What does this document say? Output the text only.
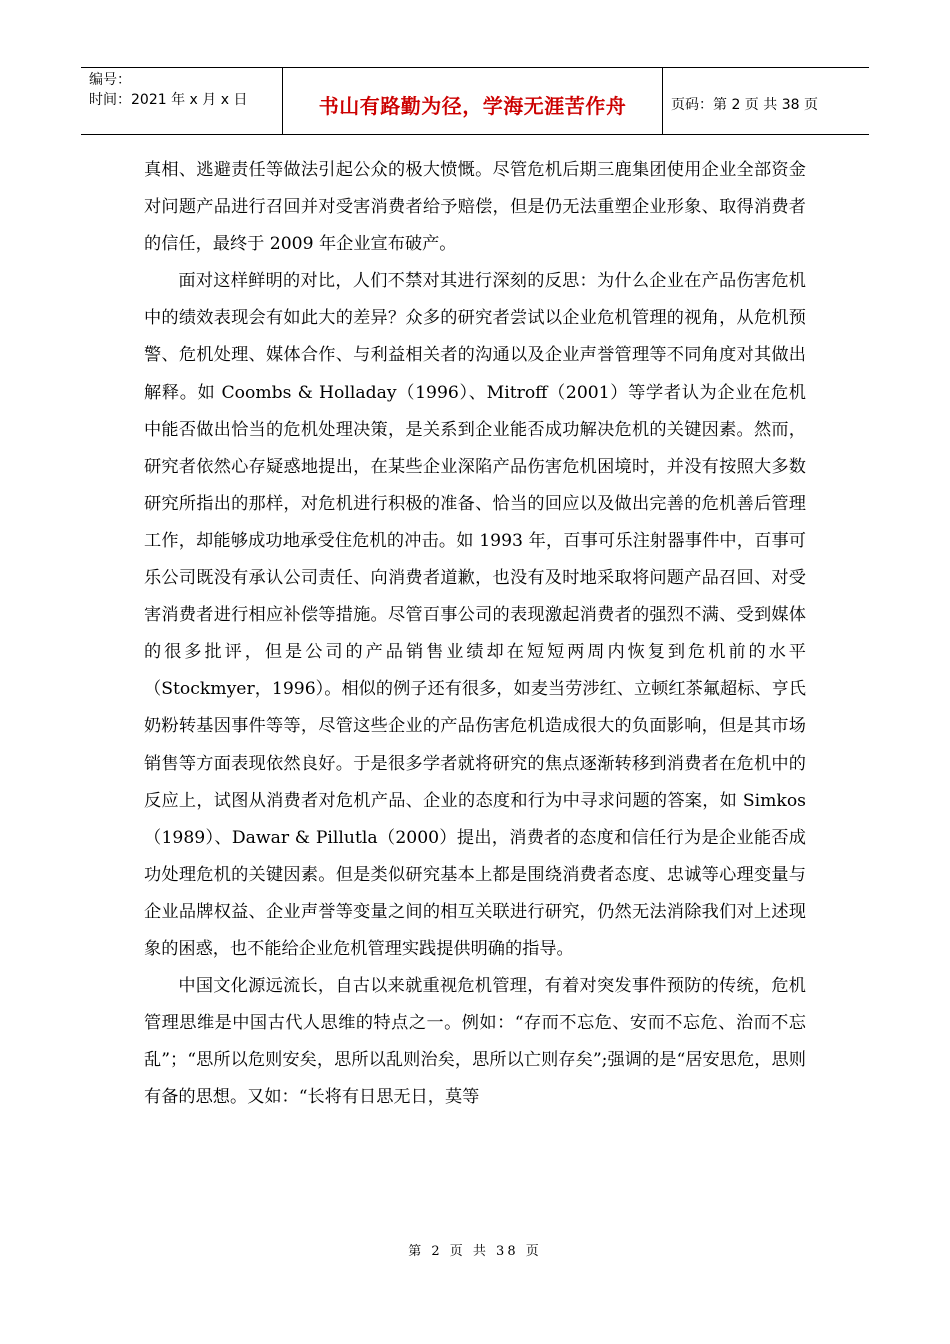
编号：
时间：2021 年 x 月 x 日	书山有路勤为径，学海无涯苦作舟	页码：第 2 页 共 38 页

真相、逃避责任等做法引起公众的极大愤慨。尽管危机后期三鹿集团使用企业全部资金对问题产品进行召回并对受害消费者给予赔偿，但是仍无法重塑企业形象、取得消费者的信任，最终于 2009 年企业宣布破产。

面对这样鲜明的对比，人们不禁对其进行深刻的反思：为什么企业在产品伤害危机中的绩效表现会有如此大的差异？众多的研究者尝试以企业危机管理的视角，从危机预警、危机处理、媒体合作、与利益相关者的沟通以及企业声誉管理等不同角度对其做出解释。如 Coombs & Holladay（1996）、Mitroff（2001）等学者认为企业在危机中能否做出恰当的危机处理决策，是关系到企业能否成功解决危机的关键因素。然而，研究者依然心存疑惑地提出，在某些企业深陷产品伤害危机困境时，并没有按照大多数研究所指出的那样，对危机进行积极的准备、恰当的回应以及做出完善的危机善后管理工作，却能够成功地承受住危机的冲击。如 1993 年，百事可乐注射器事件中，百事可乐公司既没有承认公司责任、向消费者道歉，也没有及时地采取将问题产品召回、对受害消费者进行相应补偿等措施。尽管百事公司的表现激起消费者的强烈不满、受到媒体的很多批评，但是公司的产品销售业绩却在短短两周内恢复到危机前的水平（Stockmyer，1996）。相似的例子还有很多，如麦当劳涉红、立顿红茶氟超标、亨氏奶粉转基因事件等等，尽管这些企业的产品伤害危机造成很大的负面影响，但是其市场销售等方面表现依然良好。于是很多学者就将研究的焦点逐渐转移到消费者在危机中的反应上，试图从消费者对危机产品、企业的态度和行为中寻求问题的答案，如 Simkos（1989）、Dawar & Pillutla（2000）提出，消费者的态度和信任行为是企业能否成功处理危机的关键因素。但是类似研究基本上都是围绕消费者态度、忠诚等心理变量与企业品牌权益、企业声誉等变量之间的相互关联进行研究，仍然无法消除我们对上述现象的困惑，也不能给企业危机管理实践提供明确的指导。

中国文化源远流长，自古以来就重视危机管理，有着对突发事件预防的传统，危机管理思维是中国古代人思维的特点之一。例如：“存而不忘危、安而不忘危、治而不忘乱”；“思所以危则安矣，思所以乱则治矣，思所以亡则存矣”;强调的是“居安思危，思则有备的思想。又如：“长将有日思无日，莫等

第 2 页 共 38 页
